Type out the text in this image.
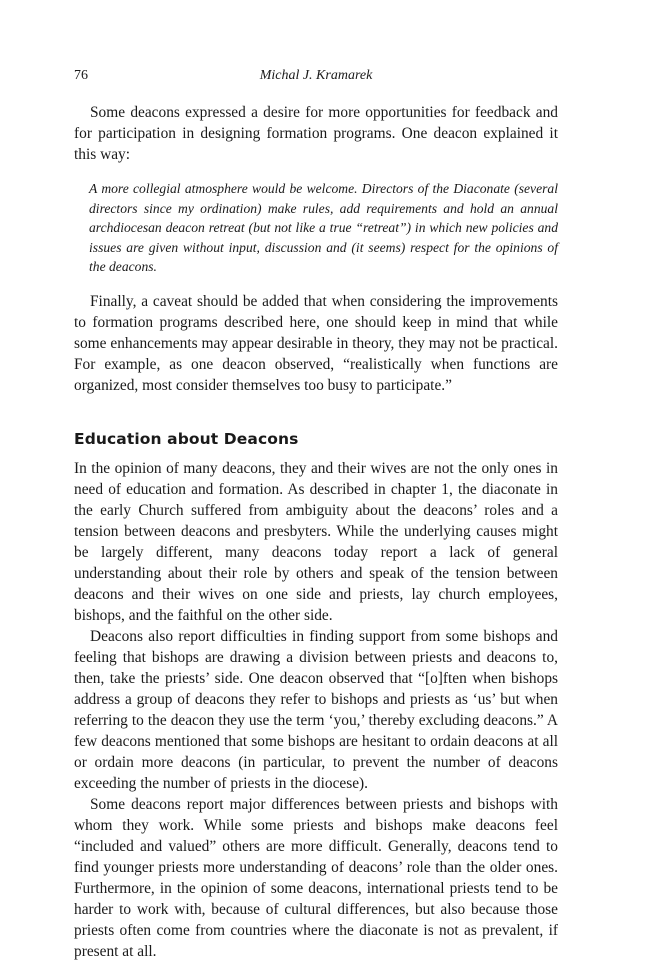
76	Michal J. Kramarek

Some deacons expressed a desire for more opportunities for feedback and for participation in designing formation programs. One deacon explained it this way:

A more collegial atmosphere would be welcome. Directors of the Diaconate (several directors since my ordination) make rules, add requirements and hold an annual archdiocesan deacon retreat (but not like a true “retreat”) in which new policies and issues are given without input, discussion and (it seems) respect for the opinions of the deacons.

Finally, a caveat should be added that when considering the improvements to formation programs described here, one should keep in mind that while some enhancements may appear desirable in theory, they may not be practical. For example, as one deacon observed, “realistically when functions are organized, most consider themselves too busy to participate.”

Education about Deacons

In the opinion of many deacons, they and their wives are not the only ones in need of education and formation. As described in chapter 1, the diaconate in the early Church suffered from ambiguity about the deacons’ roles and a tension between deacons and presbyters. While the underlying causes might be largely different, many deacons today report a lack of general understanding about their role by others and speak of the tension between deacons and their wives on one side and priests, lay church employees, bishops, and the faithful on the other side.

Deacons also report difficulties in finding support from some bishops and feeling that bishops are drawing a division between priests and deacons to, then, take the priests’ side. One deacon observed that “[o]ften when bishops address a group of deacons they refer to bishops and priests as ‘us’ but when referring to the deacon they use the term ‘you,’ thereby excluding deacons.” A few deacons mentioned that some bishops are hesitant to ordain deacons at all or ordain more deacons (in particular, to prevent the number of deacons exceeding the number of priests in the diocese).

Some deacons report major differences between priests and bishops with whom they work. While some priests and bishops make deacons feel “included and valued” others are more difficult. Generally, deacons tend to find younger priests more understanding of deacons’ role than the older ones. Furthermore, in the opinion of some deacons, international priests tend to be harder to work with, because of cultural differences, but also because those priests often come from countries where the diaconate is not as prevalent, if present at all.
